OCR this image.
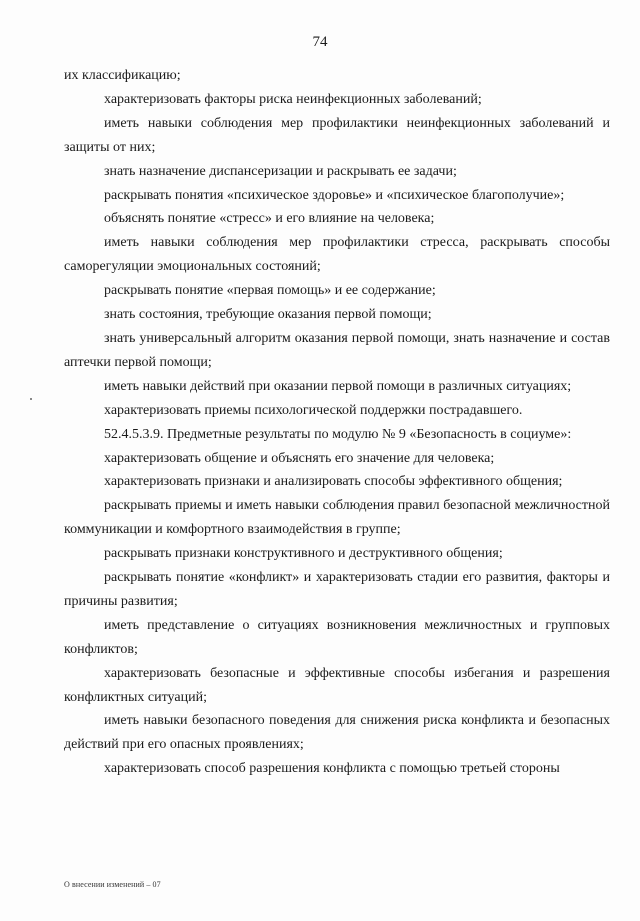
74

их классификацию;

характеризовать факторы риска неинфекционных заболеваний;

иметь навыки соблюдения мер профилактики неинфекционных заболеваний и защиты от них;

знать назначение диспансеризации и раскрывать ее задачи;

раскрывать понятия «психическое здоровье» и «психическое благополучие»;

объяснять понятие «стресс» и его влияние на человека;

иметь навыки соблюдения мер профилактики стресса, раскрывать способы саморегуляции эмоциональных состояний;

раскрывать понятие «первая помощь» и ее содержание;

знать состояния, требующие оказания первой помощи;

знать универсальный алгоритм оказания первой помощи, знать назначение и состав аптечки первой помощи;

иметь навыки действий при оказании первой помощи в различных ситуациях;

характеризовать приемы психологической поддержки пострадавшего.

52.4.5.3.9. Предметные результаты по модулю № 9 «Безопасность в социуме»:

характеризовать общение и объяснять его значение для человека;

характеризовать признаки и анализировать способы эффективного общения;

раскрывать приемы и иметь навыки соблюдения правил безопасной межличностной коммуникации и комфортного взаимодействия в группе;

раскрывать признаки конструктивного и деструктивного общения;

раскрывать понятие «конфликт» и характеризовать стадии его развития, факторы и причины развития;

иметь представление о ситуациях возникновения межличностных и групповых конфликтов;

характеризовать безопасные и эффективные способы избегания и разрешения конфликтных ситуаций;

иметь навыки безопасного поведения для снижения риска конфликта и безопасных действий при его опасных проявлениях;

характеризовать способ разрешения конфликта с помощью третьей стороны

О внесении изменений – 07
